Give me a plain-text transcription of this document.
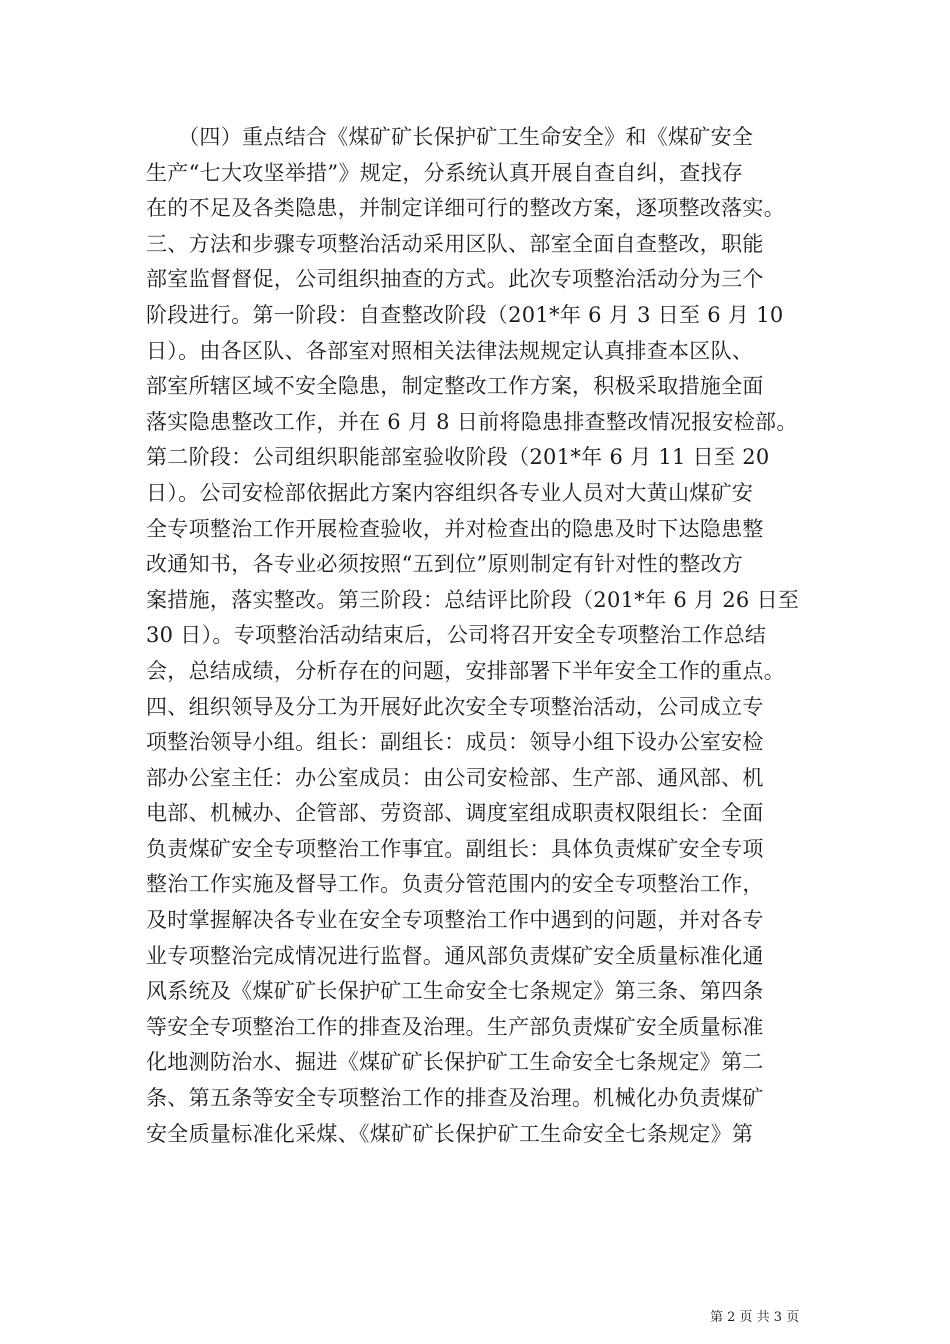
　　（四）重点结合《煤矿矿长保护矿工生命安全》和《煤矿安全
生产“七大攻坚举措”》规定，分系统认真开展自查自纠，查找存
在的不足及各类隐患，并制定详细可行的整改方案，逐项整改落实。
三、方法和步骤专项整治活动采用区队、部室全面自查整改，职能
部室监督督促，公司组织抽查的方式。此次专项整治活动分为三个
阶段进行。第一阶段：自查整改阶段（201*年 6 月 3 日至 6 月 10
日）。由各区队、各部室对照相关法律法规规定认真排查本区队、
部室所辖区域不安全隐患，制定整改工作方案，积极采取措施全面
落实隐患整改工作，并在 6 月 8 日前将隐患排查整改情况报安检部。
第二阶段：公司组织职能部室验收阶段（201*年 6 月 11 日至 20
日）。公司安检部依据此方案内容组织各专业人员对大黄山煤矿安
全专项整治工作开展检查验收，并对检查出的隐患及时下达隐患整
改通知书，各专业必须按照“五到位”原则制定有针对性的整改方
案措施，落实整改。第三阶段：总结评比阶段（201*年 6 月 26 日至
30 日）。专项整治活动结束后，公司将召开安全专项整治工作总结
会，总结成绩，分析存在的问题，安排部署下半年安全工作的重点。
四、组织领导及分工为开展好此次安全专项整治活动，公司成立专
项整治领导小组。组长：副组长：成员：领导小组下设办公室安检
部办公室主任：办公室成员：由公司安检部、生产部、通风部、机
电部、机械办、企管部、劳资部、调度室组成职责权限组长：全面
负责煤矿安全专项整治工作事宜。副组长：具体负责煤矿安全专项
整治工作实施及督导工作。负责分管范围内的安全专项整治工作，
及时掌握解决各专业在安全专项整治工作中遇到的问题，并对各专
业专项整治完成情况进行监督。通风部负责煤矿安全质量标准化通
风系统及《煤矿矿长保护矿工生命安全七条规定》第三条、第四条
等安全专项整治工作的排查及治理。生产部负责煤矿安全质量标准
化地测防治水、掘进《煤矿矿长保护矿工生命安全七条规定》第二
条、第五条等安全专项整治工作的排查及治理。机械化办负责煤矿
安全质量标准化采煤、《煤矿矿长保护矿工生命安全七条规定》第
第 2 页 共 3 页
